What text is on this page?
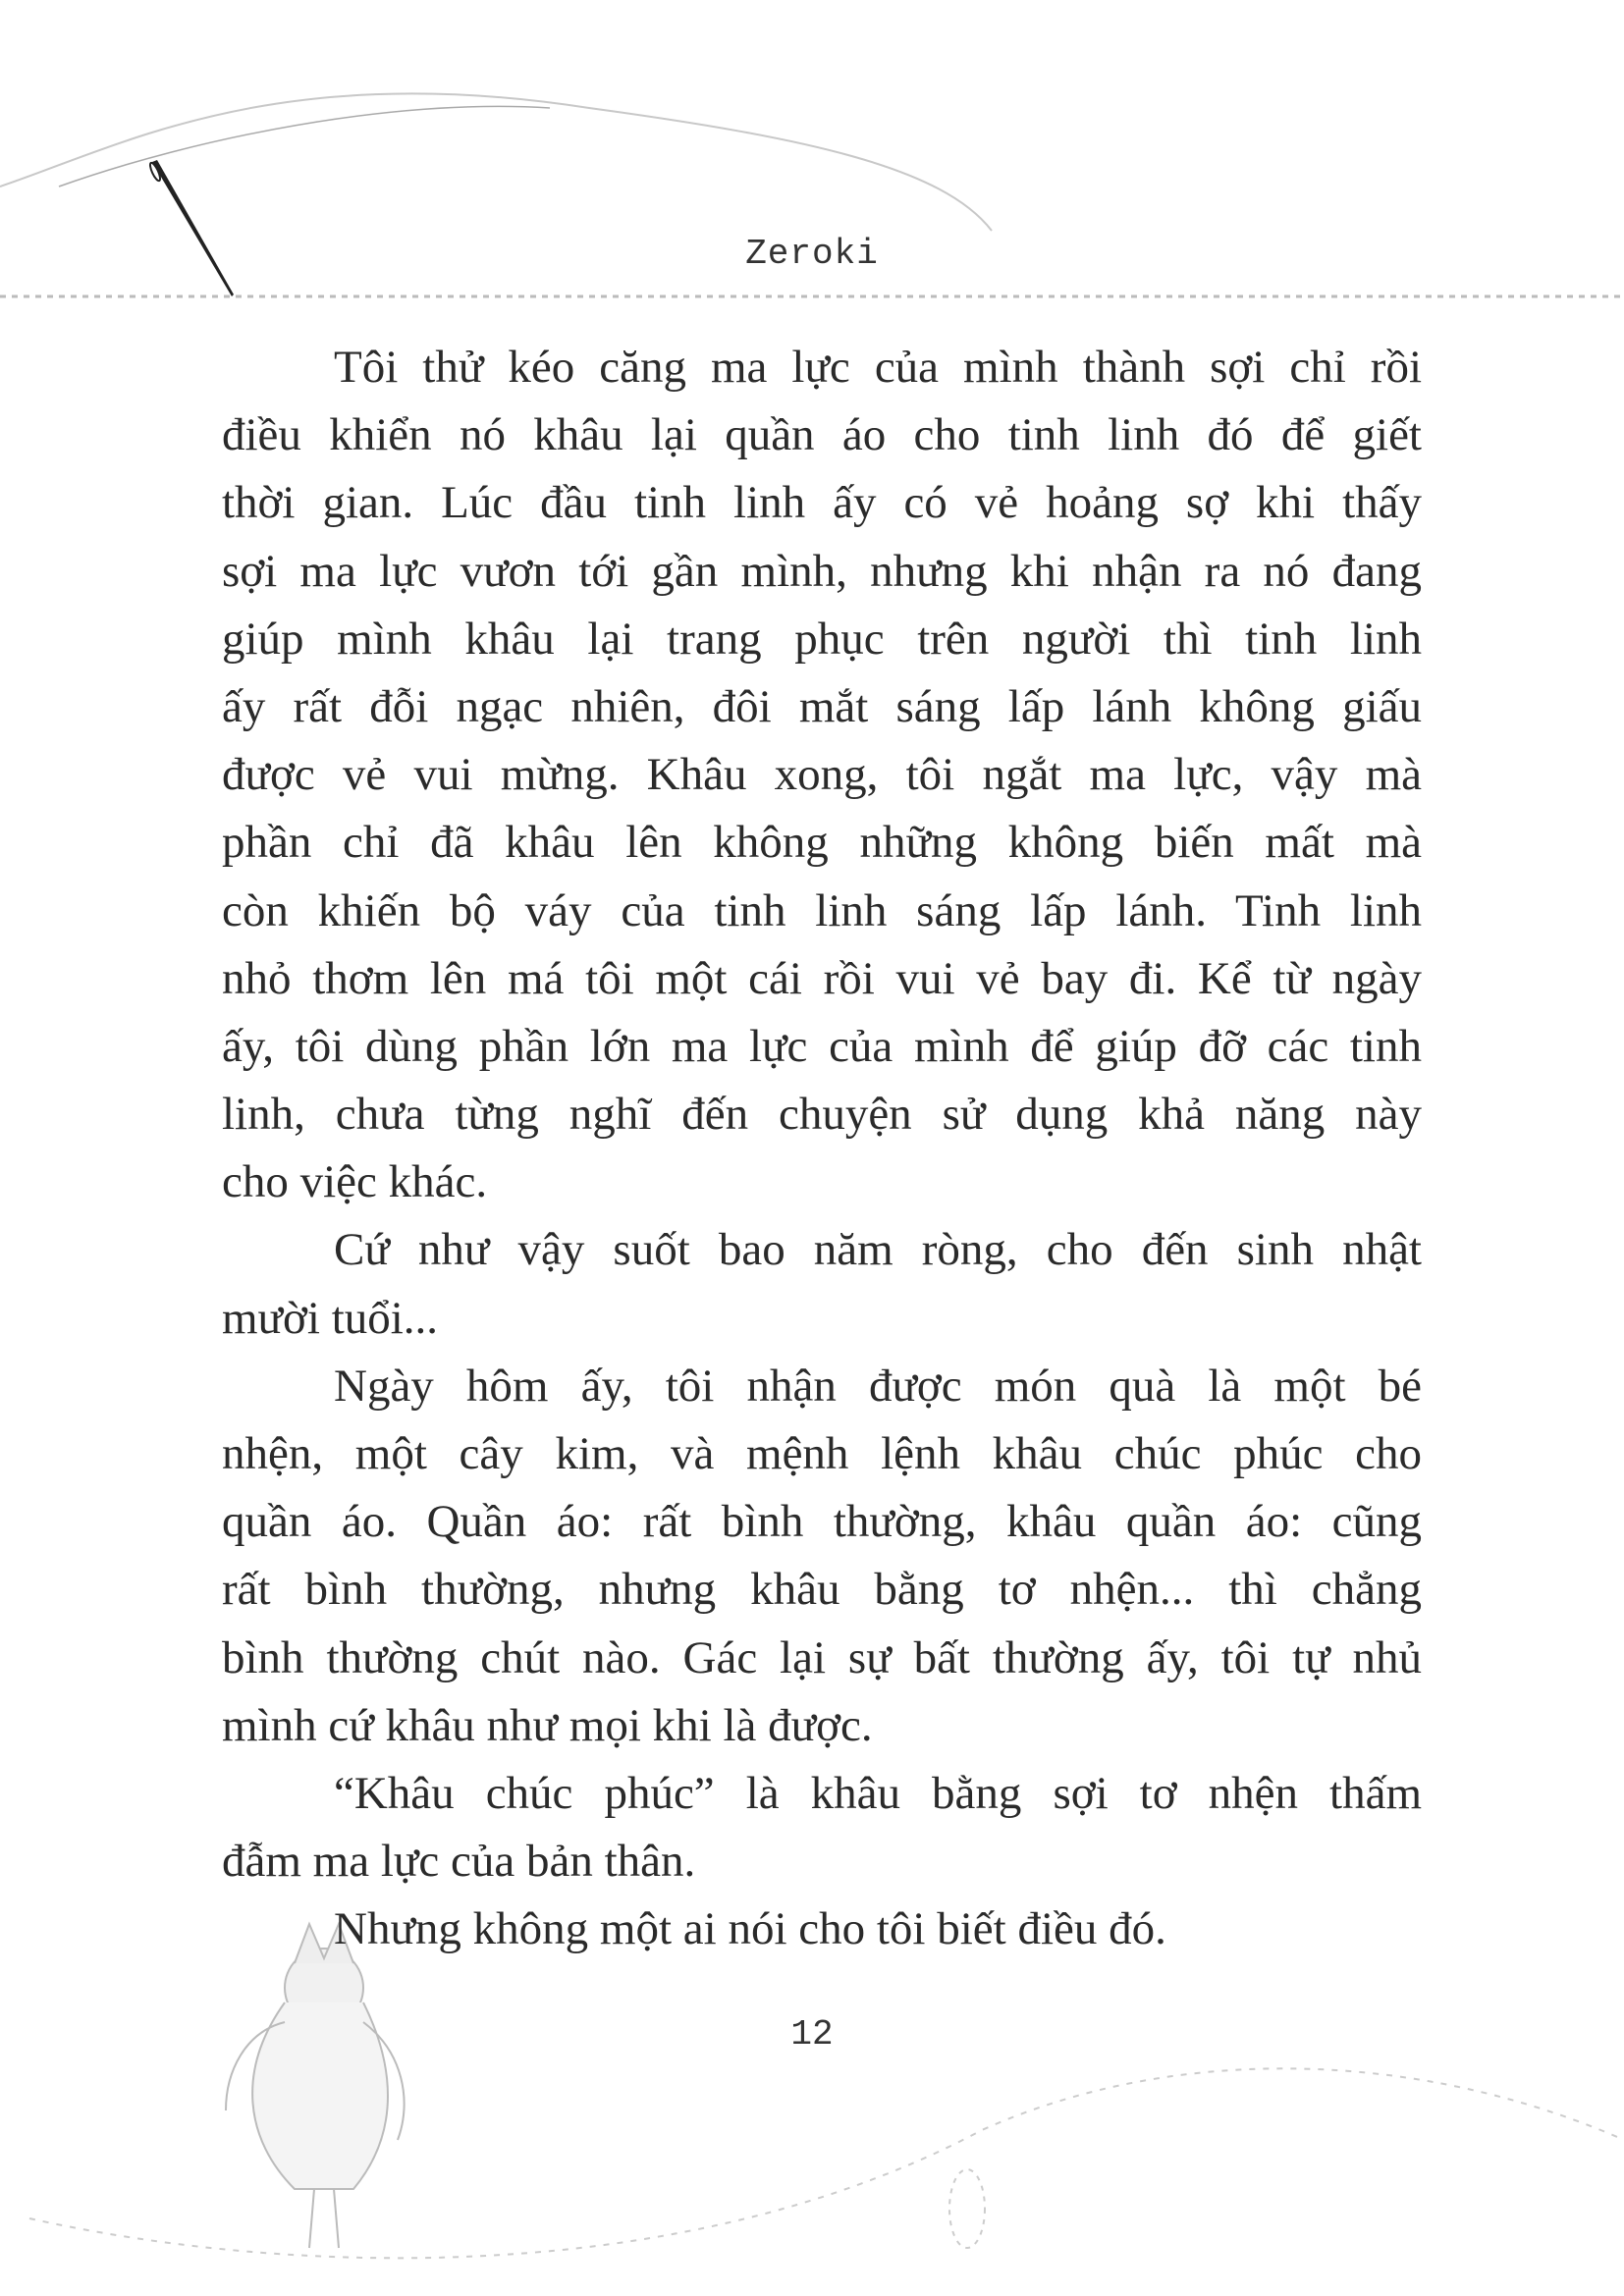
Zeroki
Tôi thử kéo căng ma lực của mình thành sợi chỉ rồi
điều khiển nó khâu lại quần áo cho tinh linh đó để giết
thời gian. Lúc đầu tinh linh ấy có vẻ hoảng sợ khi thấy
sợi ma lực vươn tới gần mình, nhưng khi nhận ra nó đang
giúp mình khâu lại trang phục trên người thì tinh linh
ấy rất đỗi ngạc nhiên, đôi mắt sáng lấp lánh không giấu
được vẻ vui mừng. Khâu xong, tôi ngắt ma lực, vậy mà
phần chỉ đã khâu lên không những không biến mất mà
còn khiến bộ váy của tinh linh sáng lấp lánh. Tinh linh
nhỏ thơm lên má tôi một cái rồi vui vẻ bay đi. Kể từ ngày
ấy, tôi dùng phần lớn ma lực của mình để giúp đỡ các tinh
linh, chưa từng nghĩ đến chuyện sử dụng khả năng này
cho việc khác.
Cứ như vậy suốt bao năm ròng, cho đến sinh nhật
mười tuổi...
Ngày hôm ấy, tôi nhận được món quà là một bé
nhện, một cây kim, và mệnh lệnh khâu chúc phúc cho
quần áo. Quần áo: rất bình thường, khâu quần áo: cũng
rất bình thường, nhưng khâu bằng tơ nhện... thì chẳng
bình thường chút nào. Gác lại sự bất thường ấy, tôi tự nhủ
mình cứ khâu như mọi khi là được.
“Khâu chúc phúc” là khâu bằng sợi tơ nhện thấm
đẫm ma lực của bản thân.
Nhưng không một ai nói cho tôi biết điều đó.
12
